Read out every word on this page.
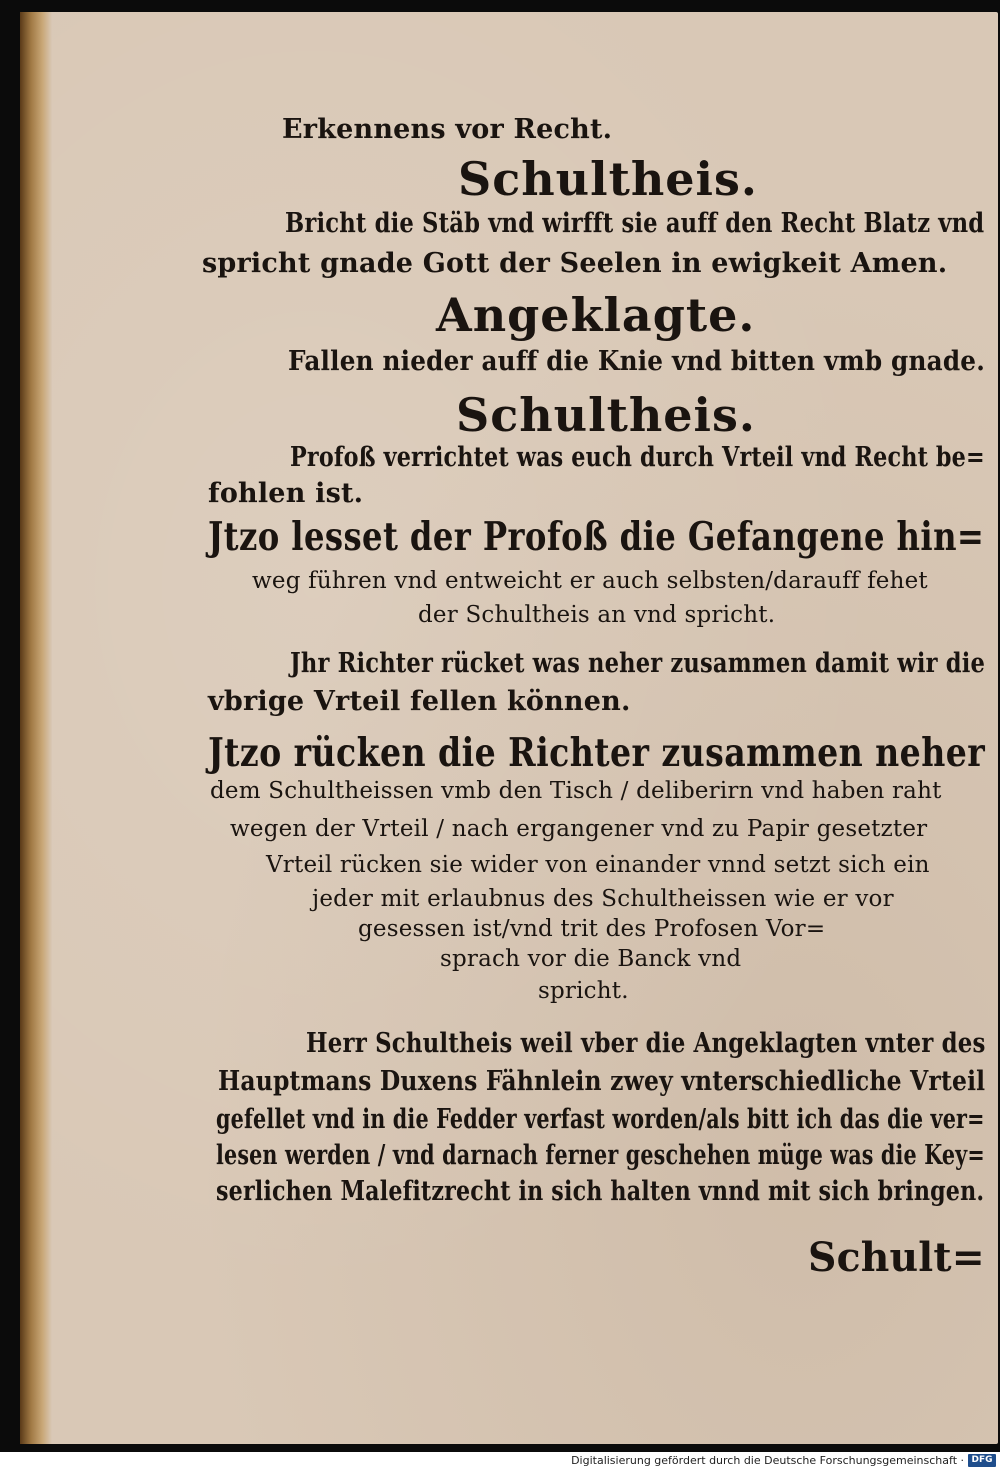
Erkennens vor Recht.
Schultheis.
Bricht die Stäb vnd wirfft sie auff den Recht Blatz vnd
spricht gnade Gott der Seelen in ewigkeit Amen.
Angeklagte.
Fallen nieder auff die Knie vnd bitten vmb gnade.
Schultheis.
Profoß verrichtet was euch durch Vrteil vnd Recht be=
fohlen ist.
Jtzo lesset der Profoß die Gefangene hin=
weg führen vnd entweicht er auch selbsten/darauff fehet
der Schultheis an vnd spricht.
Jhr Richter rücket was neher zusammen damit wir die
vbrige Vrteil fellen können.
Jtzo rücken die Richter zusammen neher
dem Schultheissen vmb den Tisch / deliberirn vnd haben raht
wegen der Vrteil / nach ergangener vnd zu Papir gesetzter
Vrteil rücken sie wider von einander vnnd setzt sich ein
jeder mit erlaubnus des Schultheissen wie er vor
gesessen ist/vnd trit des Profosen Vor=
sprach vor die Banck vnd
spricht.
Herr Schultheis weil vber die Angeklagten vnter des
Hauptmans Duxens Fähnlein zwey vnterschiedliche Vrteil
gefellet vnd in die Fedder verfast worden/als bitt ich das die ver=
lesen werden / vnd darnach ferner geschehen müge was die Key=
serlichen Malefitzrecht in sich halten vnnd mit sich bringen.
Schult=
Digitalisierung gefördert durch die Deutsche Forschungsgemeinschaft · DFG
